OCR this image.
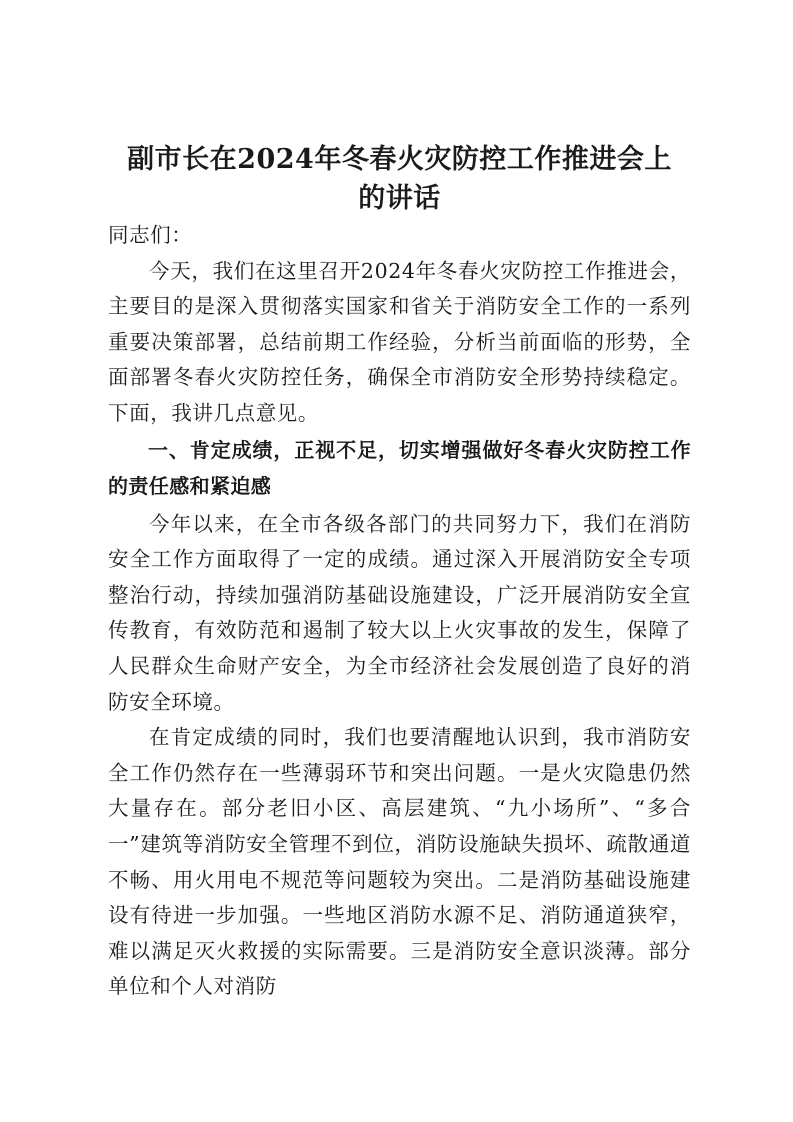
副市长在2024年冬春火灾防控工作推进会上
的讲话

同志们：

今天，我们在这里召开2024年冬春火灾防控工作推进会，主要目的是深入贯彻落实国家和省关于消防安全工作的一系列重要决策部署，总结前期工作经验，分析当前面临的形势，全面部署冬春火灾防控任务，确保全市消防安全形势持续稳定。下面，我讲几点意见。

一、肯定成绩，正视不足，切实增强做好冬春火灾防控工作的责任感和紧迫感

今年以来，在全市各级各部门的共同努力下，我们在消防安全工作方面取得了一定的成绩。通过深入开展消防安全专项整治行动，持续加强消防基础设施建设，广泛开展消防安全宣传教育，有效防范和遏制了较大以上火灾事故的发生，保障了人民群众生命财产安全，为全市经济社会发展创造了良好的消防安全环境。

在肯定成绩的同时，我们也要清醒地认识到，我市消防安全工作仍然存在一些薄弱环节和突出问题。一是火灾隐患仍然大量存在。部分老旧小区、高层建筑、“九小场所”、“多合一”建筑等消防安全管理不到位，消防设施缺失损坏、疏散通道不畅、用火用电不规范等问题较为突出。二是消防基础设施建设有待进一步加强。一些地区消防水源不足、消防通道狭窄，难以满足灭火救援的实际需要。三是消防安全意识淡薄。部分单位和个人对消防
